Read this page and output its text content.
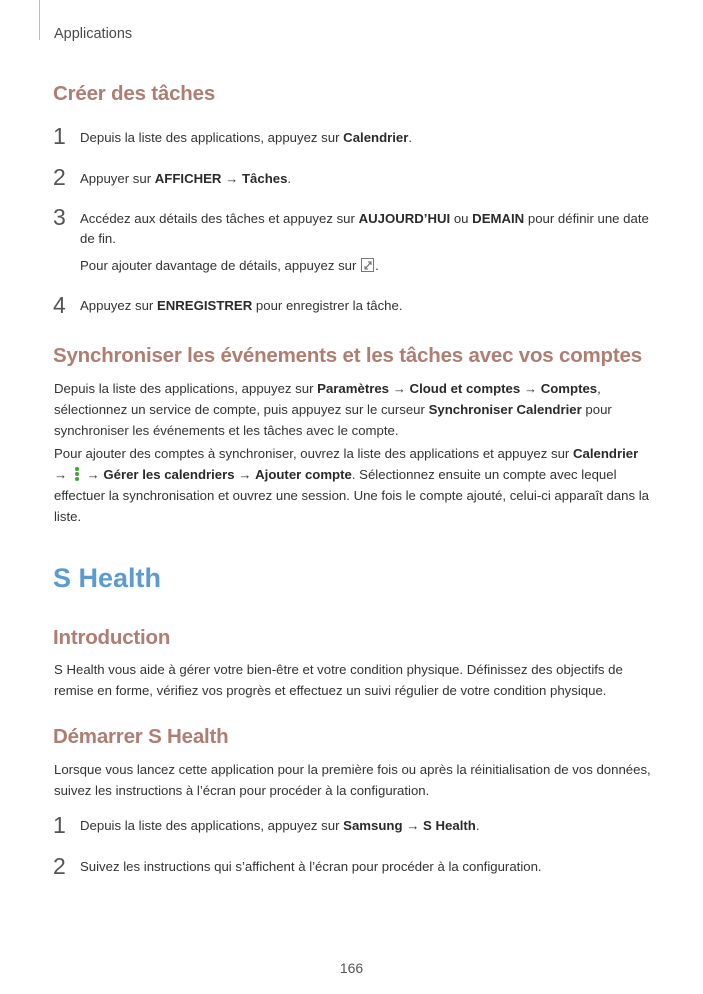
Applications
Créer des tâches
1 Depuis la liste des applications, appuyez sur Calendrier.
2 Appuyer sur AFFICHER → Tâches.
3 Accédez aux détails des tâches et appuyez sur AUJOURD’HUI ou DEMAIN pour définir une date de fin.
Pour ajouter davantage de détails, appuyez sur
.
4 Appuyez sur ENREGISTRER pour enregistrer la tâche.
Synchroniser les événements et les tâches avec vos comptes
Depuis la liste des applications, appuyez sur Paramètres → Cloud et comptes → Comptes, sélectionnez un service de compte, puis appuyez sur le curseur Synchroniser Calendrier pour synchroniser les événements et les tâches avec le compte.
Pour ajouter des comptes à synchroniser, ouvrez la liste des applications et appuyez sur Calendrier →
→ Gérer les calendriers → Ajouter compte. Sélectionnez ensuite un compte avec lequel effectuer la synchronisation et ouvrez une session. Une fois le compte ajouté, celui-ci apparaît dans la liste.
S Health
Introduction
S Health vous aide à gérer votre bien-être et votre condition physique. Définissez des objectifs de remise en forme, vérifiez vos progrès et effectuez un suivi régulier de votre condition physique.
Démarrer S Health
Lorsque vous lancez cette application pour la première fois ou après la réinitialisation de vos données, suivez les instructions à l’écran pour procéder à la configuration.
1 Depuis la liste des applications, appuyez sur Samsung → S Health.
2 Suivez les instructions qui s’affichent à l’écran pour procéder à la configuration.
166
